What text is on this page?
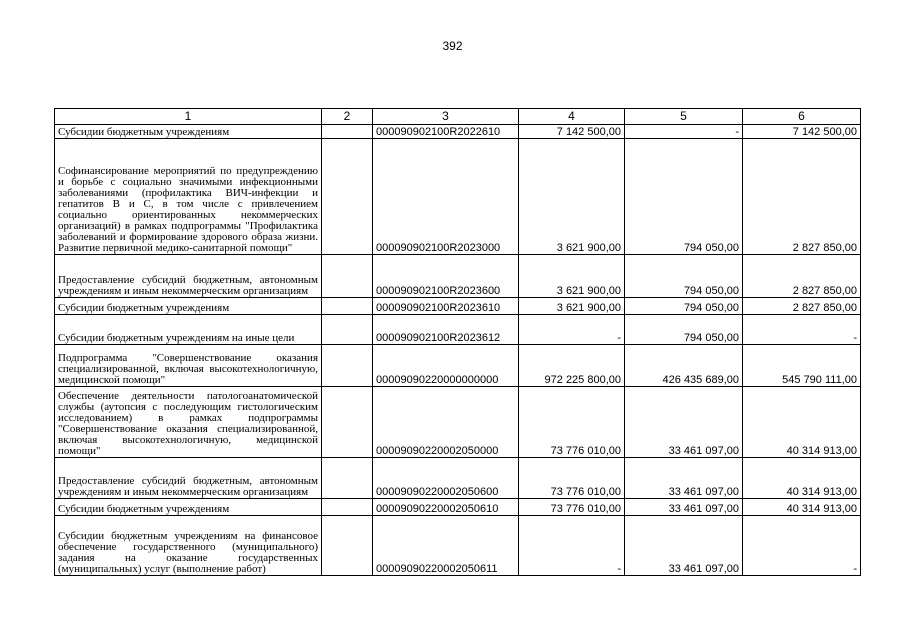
392
1	2	3	4	5	6
Субсидии бюджетным учреждениям		000090902100R2022610	7 142 500,00	-	7 142 500,00
Софинансирование мероприятий по предупреждению и борьбе с социально значимыми инфекционными заболеваниями (профилактика ВИЧ-инфекции и гепатитов В и С, в том числе с привлечением социально ориентированных некоммерческих организаций) в рамках подпрограммы "Профилактика заболеваний и формирование здорового образа жизни. Развитие первичной медико-санитарной помощи"		000090902100R2023000	3 621 900,00	794 050,00	2 827 850,00
Предоставление субсидий бюджетным, автономным учреждениям и иным некоммерческим организациям		000090902100R2023600	3 621 900,00	794 050,00	2 827 850,00
Субсидии бюджетным учреждениям		000090902100R2023610	3 621 900,00	794 050,00	2 827 850,00
Субсидии бюджетным учреждениям на иные цели		000090902100R2023612	-	794 050,00	-
Подпрограмма "Совершенствование оказания специализированной, включая высокотехнологичную, медицинской помощи"		00009090220000000000	972 225 800,00	426 435 689,00	545 790 111,00
Обеспечение деятельности патологоанатомической службы (аутопсия с последующим гистологическим исследованием) в рамках подпрограммы "Совершенствование оказания специализированной, включая высокотехнологичную, медицинской помощи"		00009090220002050000	73 776 010,00	33 461 097,00	40 314 913,00
Предоставление субсидий бюджетным, автономным учреждениям и иным некоммерческим организациям		00009090220002050600	73 776 010,00	33 461 097,00	40 314 913,00
Субсидии бюджетным учреждениям		00009090220002050610	73 776 010,00	33 461 097,00	40 314 913,00
Субсидии бюджетным учреждениям на финансовое обеспечение государственного (муниципального) задания на оказание государственных (муниципальных) услуг (выполнение работ)		00009090220002050611	-	33 461 097,00	-
